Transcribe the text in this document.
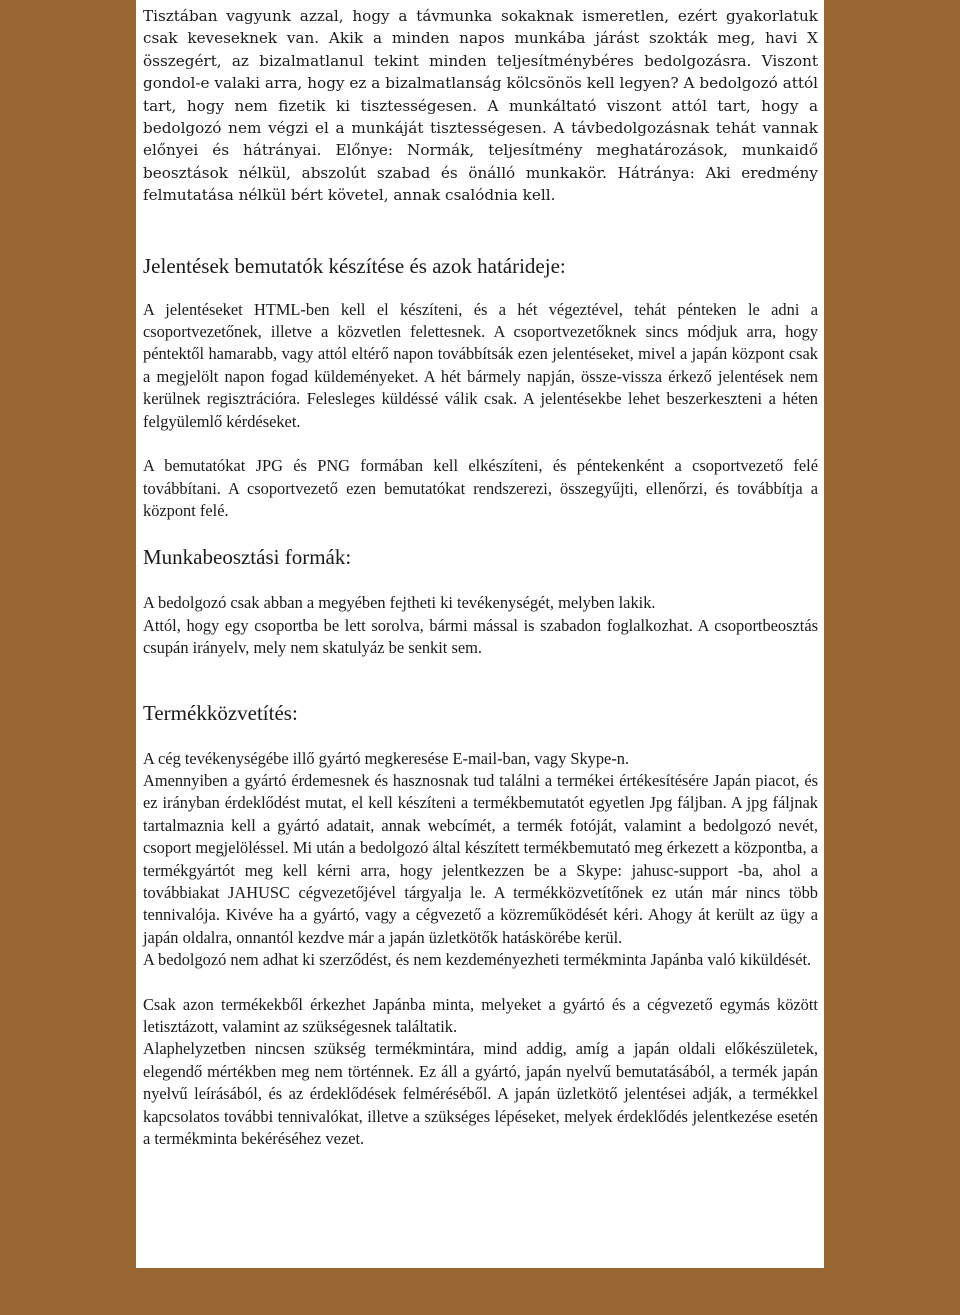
Tisztában vagyunk azzal, hogy a távmunka sokaknak ismeretlen, ezért gyakorlatuk csak keveseknek van. Akik a minden napos munkába járást szokták meg, havi X összegért, az bizalmatlanul tekint minden teljesítménybéres bedolgozásra. Viszont gondol-e valaki arra, hogy ez a bizalmatlanság kölcsönös kell legyen? A bedolgozó attól tart, hogy nem fizetik ki tisztességesen. A munkáltató viszont attól tart, hogy a bedolgozó nem végzi el a munkáját tisztességesen. A távbedolgozásnak tehát vannak előnyei és hátrányai. Előnye: Normák, teljesítmény meghatározások, munkaidő beosztások nélkül, abszolút szabad és önálló munkakör. Hátránya: Aki eredmény felmutatása nélkül bért követel, annak csalódnia kell.

Jelentések bemutatók készítése és azok határideje:

A jelentéseket HTML-ben kell el készíteni, és a hét végeztével, tehát pénteken le adni a csoportvezetőnek, illetve a közvetlen felettesnek. A csoportvezetőknek sincs módjuk arra, hogy péntektől hamarabb, vagy attól eltérő napon továbbítsák ezen jelentéseket, mivel a japán központ csak a megjelölt napon fogad küldeményeket. A hét bármely napján, össze-vissza érkező jelentések nem kerülnek regisztrációra. Felesleges küldéssé válik csak. A jelentésekbe lehet beszerkeszteni a héten felgyülemlő kérdéseket.

A bemutatókat JPG és PNG formában kell elkészíteni, és péntekenként a csoportvezető felé továbbítani. A csoportvezető ezen bemutatókat rendszerezi, összegyűjti, ellenőrzi, és továbbítja a központ felé.

Munkabeosztási formák:

A bedolgozó csak abban a megyében fejtheti ki tevékenységét, melyben lakik.

Attól, hogy egy csoportba be lett sorolva, bármi mással is szabadon foglalkozhat. A csoportbeosztás csupán irányelv, mely nem skatulyáz be senkit sem.

Termékközvetítés:

A cég tevékenységébe illő gyártó megkeresése E-mail-ban, vagy Skype-n.

Amennyiben a gyártó érdemesnek és hasznosnak tud találni a termékei értékesítésére Japán piacot, és ez irányban érdeklődést mutat, el kell készíteni a termékbemutatót egyetlen Jpg fáljban. A jpg fáljnak tartalmaznia kell a gyártó adatait, annak webcímét, a termék fotóját, valamint a bedolgozó nevét, csoport megjelöléssel. Mi után a bedolgozó által készített termékbemutató meg érkezett a központba, a termékgyártót meg kell kérni arra, hogy jelentkezzen be a Skype: jahusc-support -ba, ahol a továbbiakat JAHUSC cégvezetőjével tárgyalja le. A termékközvetítőnek ez után már nincs több tennivalója. Kivéve ha a gyártó, vagy a cégvezető a közreműködését kéri. Ahogy át került az ügy a japán oldalra, onnantól kezdve már a japán üzletkötők hatáskörébe kerül.

A bedolgozó nem adhat ki szerződést, és nem kezdeményezheti termékminta Japánba való kiküldését.

Csak azon termékekből érkezhet Japánba minta, melyeket a gyártó és a cégvezető egymás között letisztázott, valamint az szükségesnek találtatik.

Alaphelyzetben nincsen szükség termékmintára, mind addig, amíg a japán oldali előkészületek, elegendő mértékben meg nem történnek. Ez áll a gyártó, japán nyelvű bemutatásából, a termék japán nyelvű leírásából, és az érdeklődések felméréséből. A japán üzletkötő jelentései adják, a termékkel kapcsolatos további tennivalókat, illetve a szükséges lépéseket, melyek érdeklődés jelentkezése esetén a termékminta bekéréséhez vezet.
